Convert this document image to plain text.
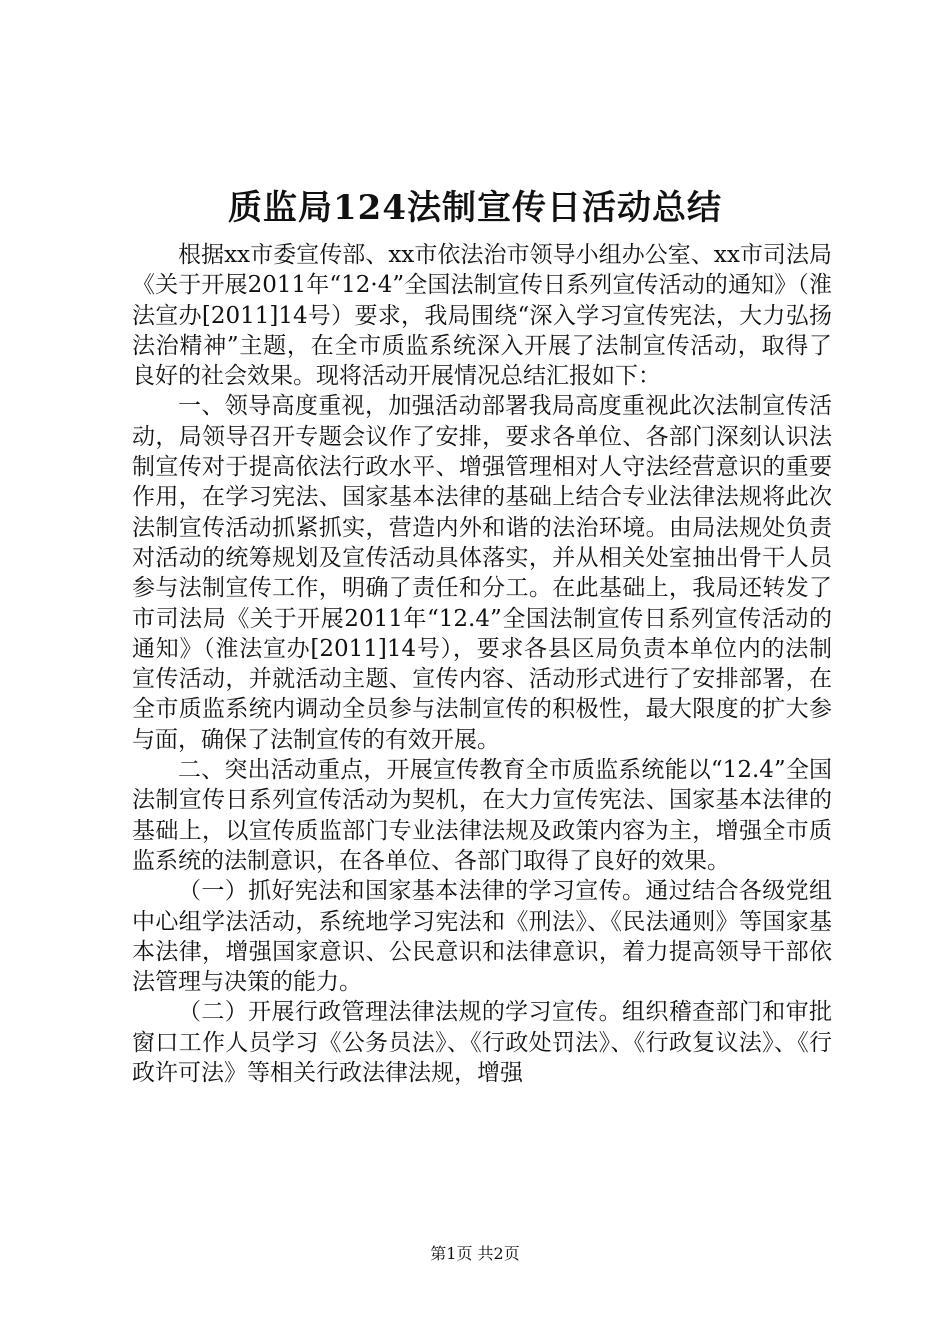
质监局124法制宣传日活动总结

根据xx市委宣传部、xx市依法治市领导小组办公室、xx市司法局《关于开展2011年“12·4”全国法制宣传日系列宣传活动的通知》（淮法宣办[2011]14号）要求，我局围绕“深入学习宣传宪法，大力弘扬法治精神”主题，在全市质监系统深入开展了法制宣传活动，取得了良好的社会效果。现将活动开展情况总结汇报如下：

一、领导高度重视，加强活动部署我局高度重视此次法制宣传活动，局领导召开专题会议作了安排，要求各单位、各部门深刻认识法制宣传对于提高依法行政水平、增强管理相对人守法经营意识的重要作用，在学习宪法、国家基本法律的基础上结合专业法律法规将此次法制宣传活动抓紧抓实，营造内外和谐的法治环境。由局法规处负责对活动的统筹规划及宣传活动具体落实，并从相关处室抽出骨干人员参与法制宣传工作，明确了责任和分工。在此基础上，我局还转发了市司法局《关于开展2011年“12.4”全国法制宣传日系列宣传活动的通知》（淮法宣办[2011]14号），要求各县区局负责本单位内的法制宣传活动，并就活动主题、宣传内容、活动形式进行了安排部署，在全市质监系统内调动全员参与法制宣传的积极性，最大限度的扩大参与面，确保了法制宣传的有效开展。

二、突出活动重点，开展宣传教育全市质监系统能以“12.4”全国法制宣传日系列宣传活动为契机，在大力宣传宪法、国家基本法律的基础上，以宣传质监部门专业法律法规及政策内容为主，增强全市质监系统的法制意识，在各单位、各部门取得了良好的效果。

（一）抓好宪法和国家基本法律的学习宣传。通过结合各级党组中心组学法活动，系统地学习宪法和《刑法》、《民法通则》等国家基本法律，增强国家意识、公民意识和法律意识，着力提高领导干部依法管理与决策的能力。

（二）开展行政管理法律法规的学习宣传。组织稽查部门和审批窗口工作人员学习《公务员法》、《行政处罚法》、《行政复议法》、《行政许可法》等相关行政法律法规，增强

第1页 共2页
